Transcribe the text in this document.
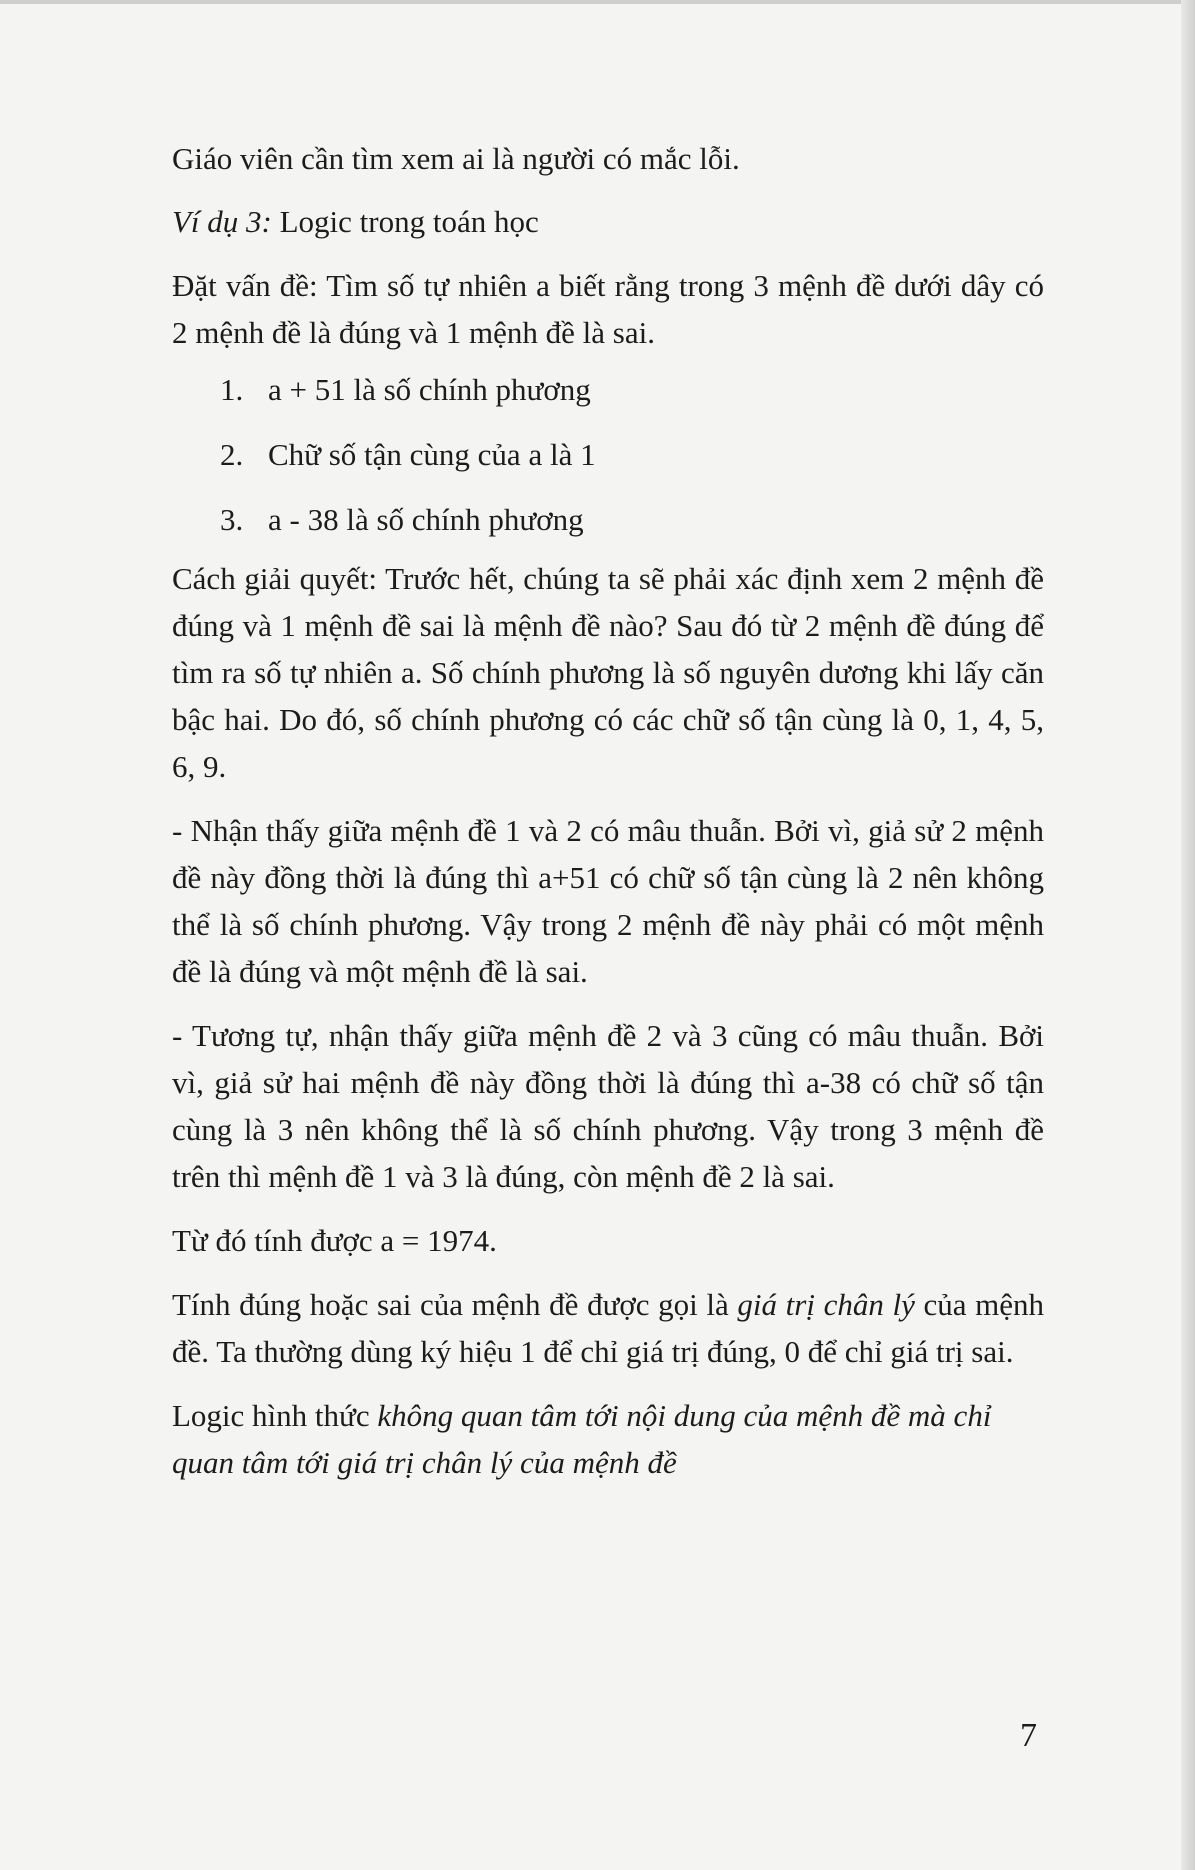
Giáo viên cần tìm xem ai là người có mắc lỗi.

Ví dụ 3: Logic trong toán học

Đặt vấn đề: Tìm số tự nhiên a biết rằng trong 3 mệnh đề dưới dây có 2 mệnh đề là đúng và 1 mệnh đề là sai.

1. a + 51 là số chính phương
2. Chữ số tận cùng của a là 1
3. a - 38 là số chính phương

Cách giải quyết: Trước hết, chúng ta sẽ phải xác định xem 2 mệnh đề đúng và 1 mệnh đề sai là mệnh đề nào? Sau đó từ 2 mệnh đề đúng để tìm ra số tự nhiên a. Số chính phương là số nguyên dương khi lấy căn bậc hai. Do đó, số chính phương có các chữ số tận cùng là 0, 1, 4, 5, 6, 9.

- Nhận thấy giữa mệnh đề 1 và 2 có mâu thuẫn. Bởi vì, giả sử 2 mệnh đề này đồng thời là đúng thì a+51 có chữ số tận cùng là 2 nên không thể là số chính phương. Vậy trong 2 mệnh đề này phải có một mệnh đề là đúng và một mệnh đề là sai.

- Tương tự, nhận thấy giữa mệnh đề 2 và 3 cũng có mâu thuẫn. Bởi vì, giả sử hai mệnh đề này đồng thời là đúng thì a-38 có chữ số tận cùng là 3 nên không thể là số chính phương. Vậy trong 3 mệnh đề trên thì mệnh đề 1 và 3 là đúng, còn mệnh đề 2 là sai.

Từ đó tính được a = 1974.

Tính đúng hoặc sai của mệnh đề được gọi là giá trị chân lý của mệnh đề. Ta thường dùng ký hiệu 1 để chỉ giá trị đúng, 0 để chỉ giá trị sai.

Logic hình thức không quan tâm tới nội dung của mệnh đề mà chỉ quan tâm tới giá trị chân lý của mệnh đề

7
